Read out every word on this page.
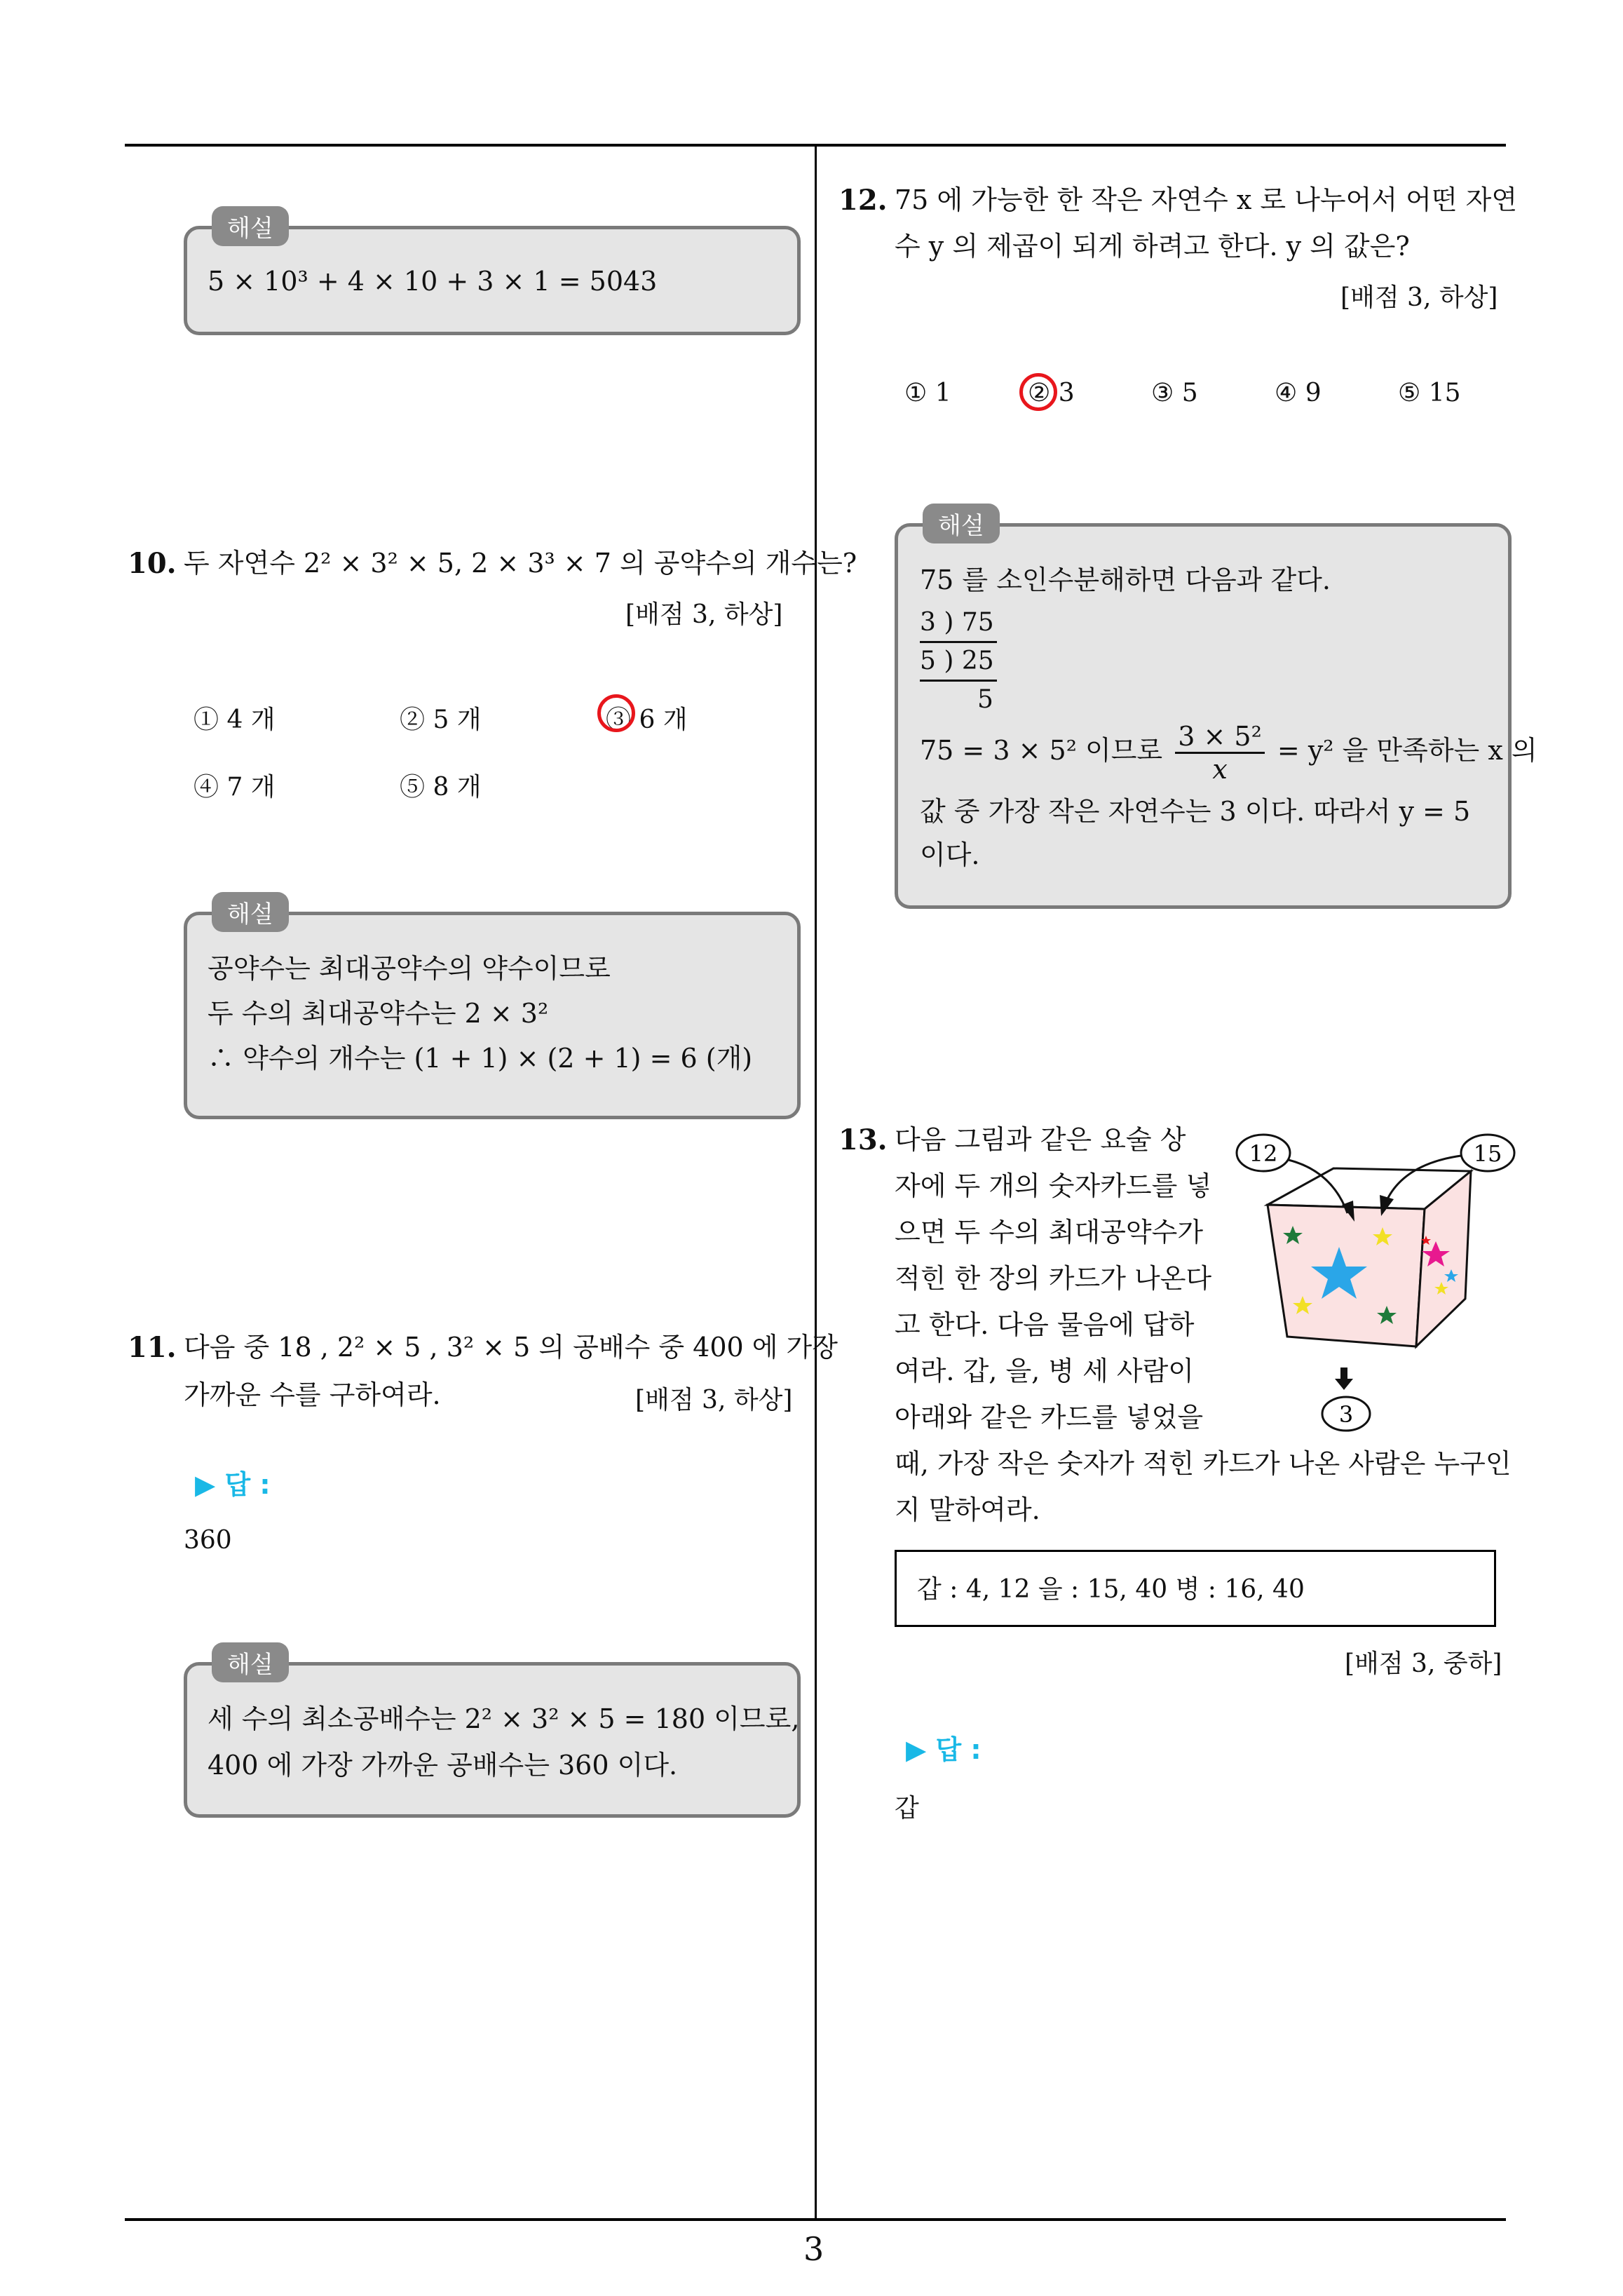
해설
5 × 10³ + 4 × 10 + 3 × 1 = 5043
10. 두 자연수 2² × 3² × 5, 2 × 3³ × 7 의 공약수의 개수는?
[배점 3, 하상]
① 4 개	② 5 개	③ 6 개
④ 7 개	⑤ 8 개
해설
공약수는 최대공약수의 약수이므로
두 수의 최대공약수는 2 × 3²
∴ 약수의 개수는 (1 + 1) × (2 + 1) = 6 (개)
11. 다음 중 18 , 2² × 5 , 3² × 5 의 공배수 중 400 에 가장
가까운 수를 구하여라.	[배점 3, 하상]
▶ 답 :
360
해설
세 수의 최소공배수는 2² × 3² × 5 = 180 이므로,
400 에 가장 가까운 공배수는 360 이다.
12. 75 에 가능한 한 작은 자연수 x 로 나누어서 어떤 자연
수 y 의 제곱이 되게 하려고 한다. y 의 값은?
[배점 3, 하상]
① 1	② 3	③ 5	④ 9	⑤ 15
해설
75 를 소인수분해하면 다음과 같다.
3 ) 75
5 ) 25
5
75 = 3 × 5² 이므로 $\frac{\text{3 × 5²}}{x} = y^2$ 을 만족하는 x 의
값 중 가장 작은 자연수는 3 이다. 따라서 y = 5
이다.
13. 다음 그림과 같은 요술 상
자에 두 개의 숫자카드를 넣
으면 두 수의 최대공약수가
적힌 한 장의 카드가 나온다
고 한다. 다음 물음에 답하
여라. 갑, 을, 병 세 사람이
아래와 같은 카드를 넣었을
때, 가장 작은 숫자가 적힌 카드가 나온 사람은 누구인
지 말하여라.
12	15
3
갑 : 4, 12 을 : 15, 40 병 : 16, 40
[배점 3, 중하]
▶ 답 :
갑
3
